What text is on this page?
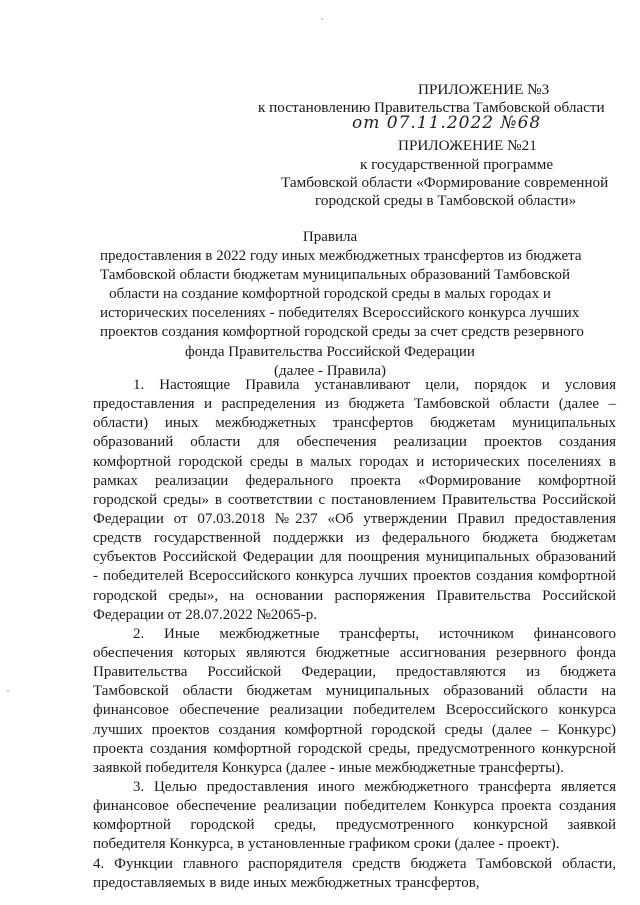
ПРИЛОЖЕНИЕ №3
к постановлению Правительства Тамбовской области
от 07.11.2022 №68
ПРИЛОЖЕНИЕ №21
к государственной программе
Тамбовской области «Формирование современной
городской среды в Тамбовской области»
Правила
предоставления в 2022 году иных межбюджетных трансфертов из бюджета
Тамбовской области бюджетам муниципальных образований Тамбовской
области на создание комфортной городской среды в малых городах и
исторических поселениях - победителях Всероссийского конкурса лучших
проектов создания комфортной городской среды за счет средств резервного
фонда Правительства Российской Федерации
(далее - Правила)
1. Настоящие Правила устанавливают цели, порядок и условия
предоставления и распределения из бюджета Тамбовской области (далее –
области) иных межбюджетных трансфертов бюджетам муниципальных
образований области для обеспечения реализации проектов создания
комфортной городской среды в малых городах и исторических поселениях в
рамках реализации федерального проекта «Формирование комфортной
городской среды» в соответствии с постановлением Правительства Российской
Федерации от 07.03.2018 №237 «Об утверждении Правил предоставления
средств государственной поддержки из федерального бюджета бюджетам
субъектов Российской Федерации для поощрения муниципальных образований
- победителей Всероссийского конкурса лучших проектов создания комфортной
городской среды», на основании распоряжения Правительства Российской
Федерации от 28.07.2022 №2065-р.
2. Иные межбюджетные трансферты, источником финансового
обеспечения которых являются бюджетные ассигнования резервного фонда
Правительства Российской Федерации, предоставляются из бюджета
Тамбовской области бюджетам муниципальных образований области на
финансовое обеспечение реализации победителем Всероссийского конкурса
лучших проектов создания комфортной городской среды (далее – Конкурс)
проекта создания комфортной городской среды, предусмотренного конкурсной
заявкой победителя Конкурса (далее - иные межбюджетные трансферты).
3. Целью предоставления иного межбюджетного трансферта является
финансовое обеспечение реализации победителем Конкурса проекта создания
комфортной городской среды, предусмотренного конкурсной заявкой
победителя Конкурса, в установленные графиком сроки (далее - проект).
4. Функции главного распорядителя средств бюджета Тамбовской области,
предоставляемых в виде иных межбюджетных трансфертов,
